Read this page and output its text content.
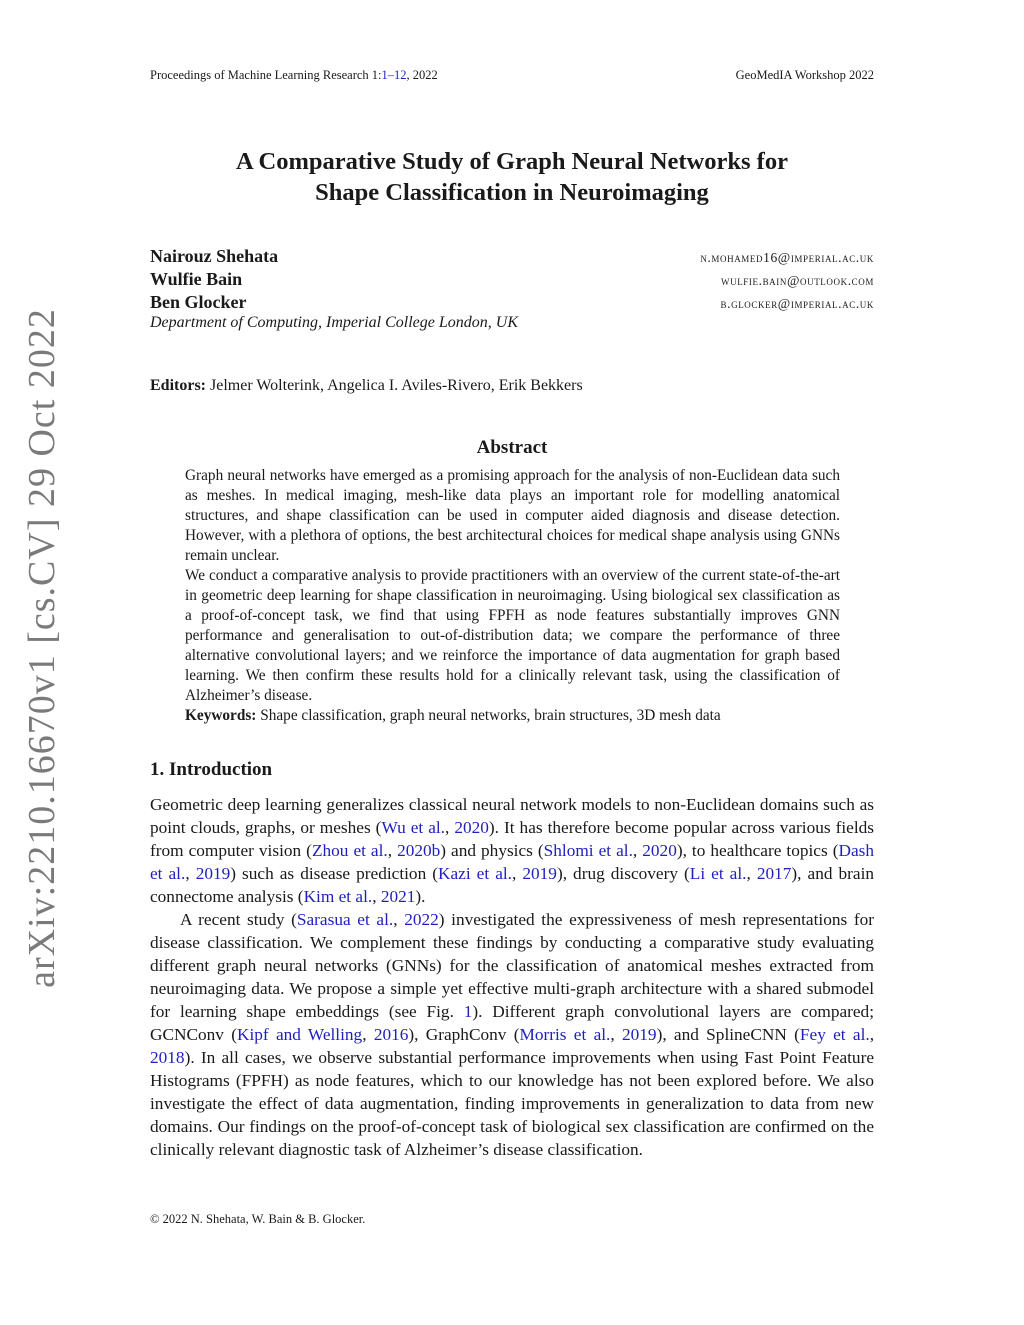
arXiv:2210.16670v1 [cs.CV] 29 Oct 2022
Proceedings of Machine Learning Research 1:1–12, 2022	GeoMedIA Workshop 2022
A Comparative Study of Graph Neural Networks for
Shape Classification in Neuroimaging
Nairouz Shehata	n.mohamed16@imperial.ac.uk
Wulfie Bain	wulfie.bain@outlook.com
Ben Glocker	b.glocker@imperial.ac.uk
Department of Computing, Imperial College London, UK
Editors: Jelmer Wolterink, Angelica I. Aviles-Rivero, Erik Bekkers
Abstract

Graph neural networks have emerged as a promising approach for the analysis of non-Euclidean data such as meshes. In medical imaging, mesh-like data plays an important role for modelling anatomical structures, and shape classification can be used in computer aided diagnosis and disease detection. However, with a plethora of options, the best architectural choices for medical shape analysis using GNNs remain unclear.

We conduct a comparative analysis to provide practitioners with an overview of the current state-of-the-art in geometric deep learning for shape classification in neuroimaging. Using biological sex classification as a proof-of-concept task, we find that using FPFH as node features substantially improves GNN performance and generalisation to out-of-distribution data; we compare the performance of three alternative convolutional layers; and we reinforce the importance of data augmentation for graph based learning. We then confirm these results hold for a clinically relevant task, using the classification of Alzheimer’s disease.

Keywords: Shape classification, graph neural networks, brain structures, 3D mesh data

1. Introduction

Geometric deep learning generalizes classical neural network models to non-Euclidean domains such as point clouds, graphs, or meshes (Wu et al., 2020). It has therefore become popular across various fields from computer vision (Zhou et al., 2020b) and physics (Shlomi et al., 2020), to healthcare topics (Dash et al., 2019) such as disease prediction (Kazi et al., 2019), drug discovery (Li et al., 2017), and brain connectome analysis (Kim et al., 2021).

A recent study (Sarasua et al., 2022) investigated the expressiveness of mesh representations for disease classification. We complement these findings by conducting a comparative study evaluating different graph neural networks (GNNs) for the classification of anatomical meshes extracted from neuroimaging data. We propose a simple yet effective multi-graph architecture with a shared submodel for learning shape embeddings (see Fig. 1). Different graph convolutional layers are compared; GCNConv (Kipf and Welling, 2016), GraphConv (Morris et al., 2019), and SplineCNN (Fey et al., 2018). In all cases, we observe substantial performance improvements when using Fast Point Feature Histograms (FPFH) as node features, which to our knowledge has not been explored before. We also investigate the effect of data augmentation, finding improvements in generalization to data from new domains. Our findings on the proof-of-concept task of biological sex classification are confirmed on the clinically relevant diagnostic task of Alzheimer’s disease classification.

© 2022 N. Shehata, W. Bain & B. Glocker.
